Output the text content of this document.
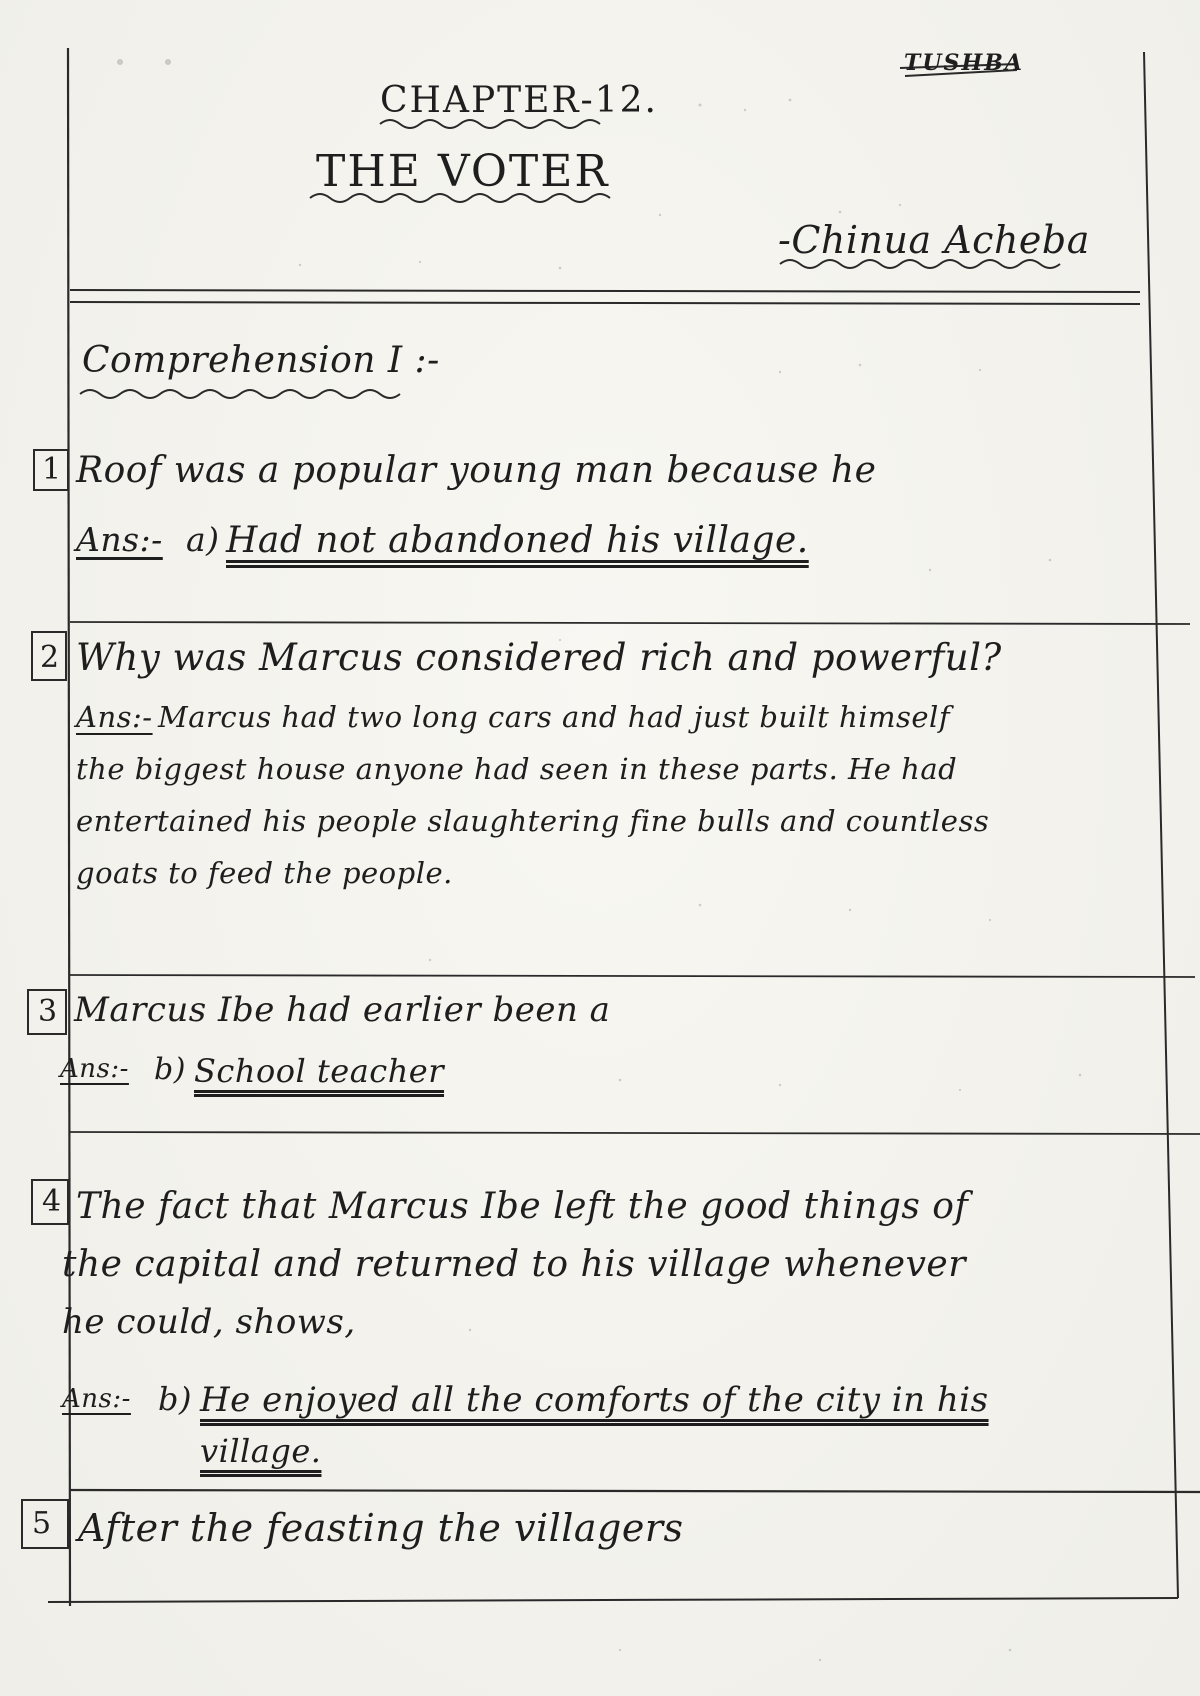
CHAPTER-12.
THE VOTER
-Chinua Acheba
TUSHBA
Comprehension I :-
1 Roof was a popular young man because he
Ans:- a) Had not abandoned his village.
2 Why was Marcus considered rich and powerful?
Ans:- Marcus had two long cars and had just built himself
the biggest house anyone had seen in these parts. He had
entertained his people slaughtering fine bulls and countless
goats to feed the people.
3 Marcus Ibe had earlier been a
Ans:- b) School teacher
4 The fact that Marcus Ibe left the good things of
the capital and returned to his village whenever
he could, shows,
Ans:- b) He enjoyed all the comforts of the city in his
village.
5 After the feasting the villagers
